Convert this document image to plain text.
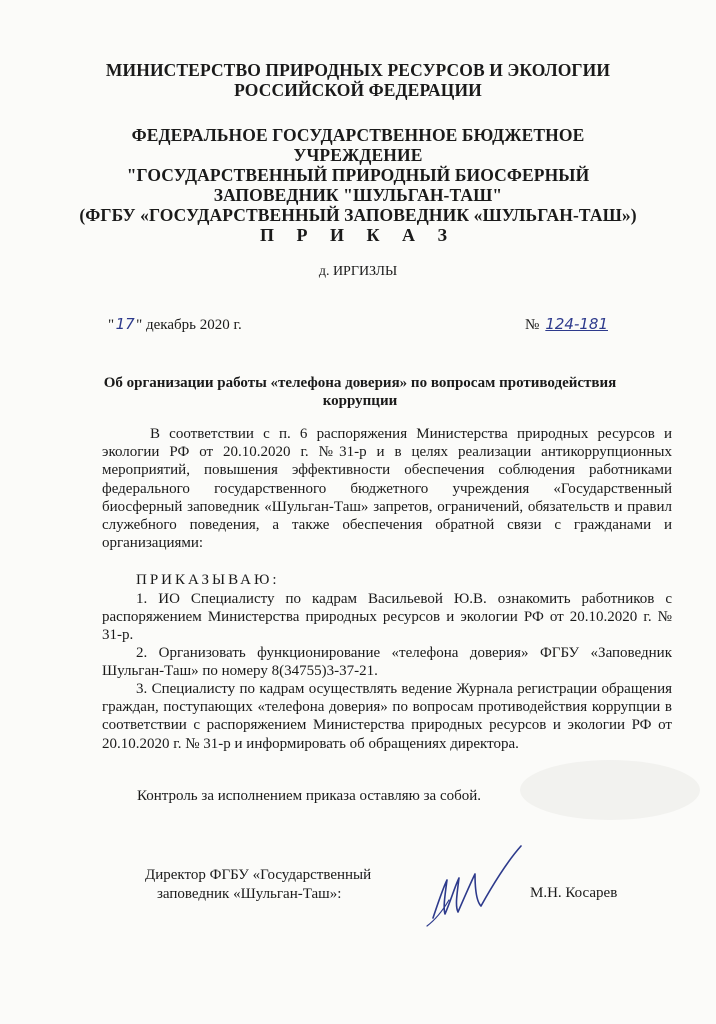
МИНИСТЕРСТВО ПРИРОДНЫХ РЕСУРСОВ И ЭКОЛОГИИ
РОССИЙСКОЙ ФЕДЕРАЦИИ
ФЕДЕРАЛЬНОЕ ГОСУДАРСТВЕННОЕ БЮДЖЕТНОЕ
УЧРЕЖДЕНИЕ
"ГОСУДАРСТВЕННЫЙ ПРИРОДНЫЙ БИОСФЕРНЫЙ
ЗАПОВЕДНИК "ШУЛЬГАН-ТАШ"
(ФГБУ «ГОСУДАРСТВЕННЫЙ ЗАПОВЕДНИК «ШУЛЬГАН-ТАШ»)
П Р И К А З
д. ИРГИЗЛЫ
"17" декабрь 2020 г.	№ 124-181
Об организации работы «телефона доверия» по вопросам противодействия
коррупции

В соответствии с п. 6 распоряжения Министерства природных ресурсов и экологии РФ от 20.10.2020 г. №31-р и в целях реализации антикоррупционных мероприятий, повышения эффективности обеспечения соблюдения работниками федерального государственного бюджетного учреждения «Государственный биосферный заповедник «Шульган-Таш» запретов, ограничений, обязательств и правил служебного поведения, а также обеспечения обратной связи с гражданами и организациями:

ПРИКАЗЫВАЮ:

1. ИО Специалисту по кадрам Васильевой Ю.В. ознакомить работников с распоряжением Министерства природных ресурсов и экологии РФ от 20.10.2020 г. № 31-р.

2. Организовать функционирование «телефона доверия» ФГБУ «Заповедник Шульган-Таш» по номеру 8(34755)3-37-21.

3. Специалисту по кадрам осуществлять ведение Журнала регистрации обращения граждан, поступающих «телефона доверия» по вопросам противодействия коррупции в соответствии с распоряжением Министерства природных ресурсов и экологии РФ от 20.10.2020 г. № 31-р и информировать об обращениях директора.

Контроль за исполнением приказа оставляю за собой.
Директор ФГБУ «Государственный
заповедник «Шульган-Таш»:	М.Н. Косарев
